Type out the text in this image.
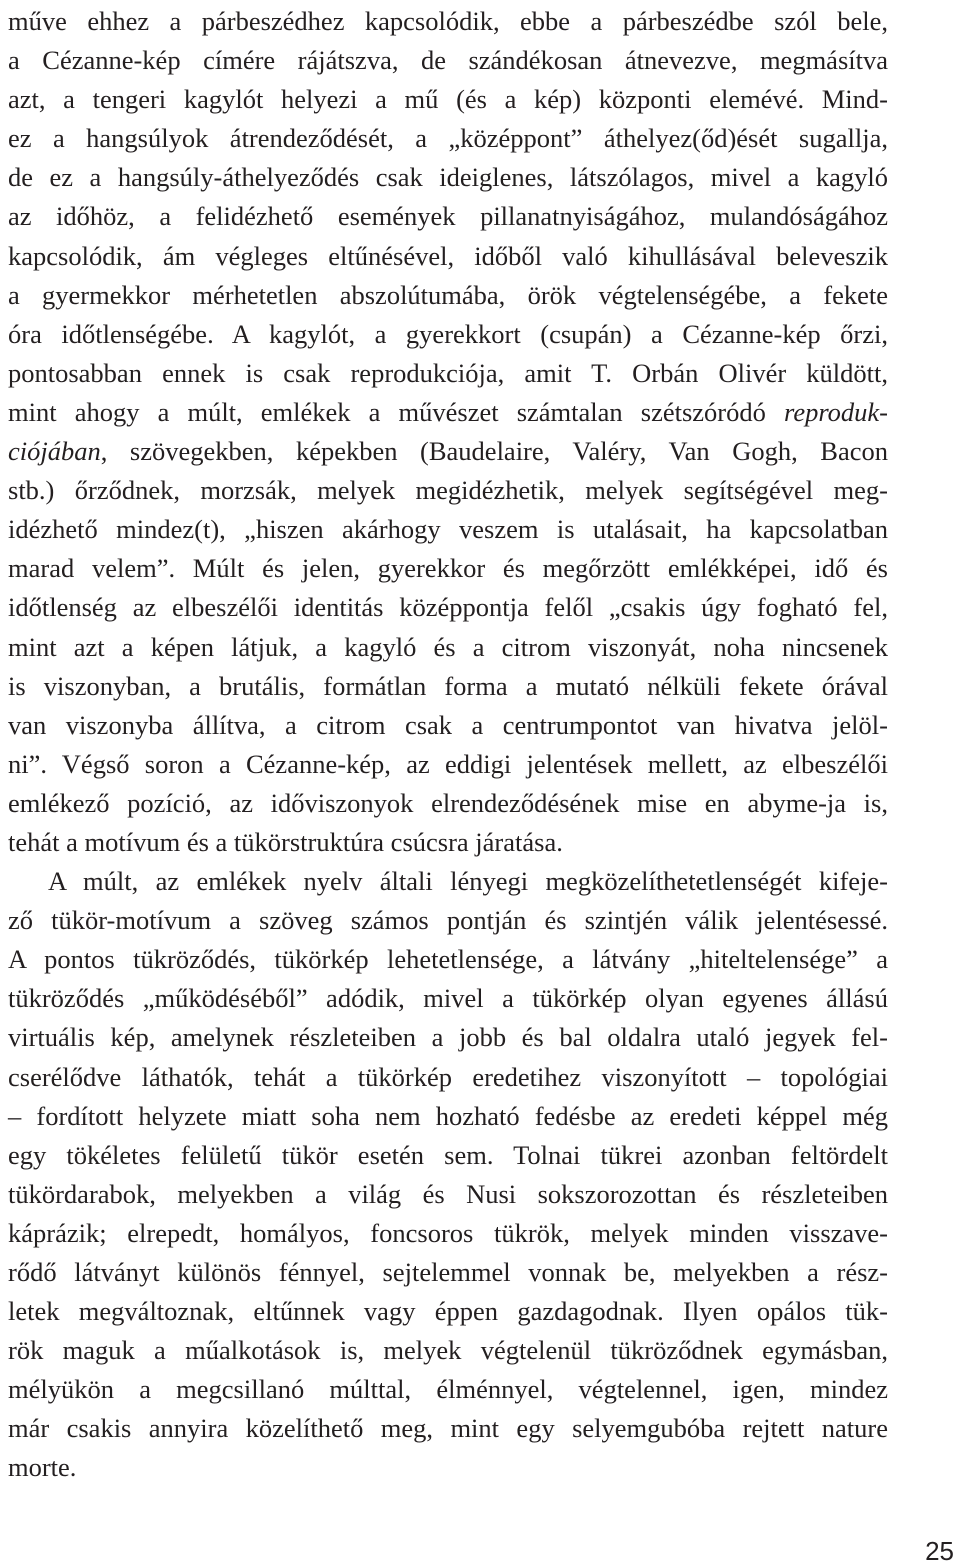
műve ehhez a párbeszédhez kapcsolódik, ebbe a párbeszédbe szól bele,
a Cézanne-kép címére rájátszva, de szándékosan átnevezve, megmásítva
azt, a tengeri kagylót helyezi a mű (és a kép) központi elemévé. Mind-
ez a hangsúlyok átrendeződését, a „középpont” áthelyez(őd)ését sugallja,
de ez a hangsúly-áthelyeződés csak ideiglenes, látszólagos, mivel a kagyló
az időhöz, a felidézhető események pillanatnyiságához, mulandóságához
kapcsolódik, ám végleges eltűnésével, időből való kihullásával beleveszik
a gyermekkor mérhetetlen abszolútumába, örök végtelenségébe, a fekete
óra időtlenségébe. A kagylót, a gyerekkort (csupán) a Cézanne-kép őrzi,
pontosabban ennek is csak reprodukciója, amit T. Orbán Olivér küldött,
mint ahogy a múlt, emlékek a művészet számtalan szétszóródó reproduk-
ciójában, szövegekben, képekben (Baudelaire, Valéry, Van Gogh, Bacon
stb.) őrződnek, morzsák, melyek megidézhetik, melyek segítségével meg-
idézhető mindez(t), „hiszen akárhogy veszem is utalásait, ha kapcsolatban
marad velem”. Múlt és jelen, gyerekkor és megőrzött emlékképei, idő és
időtlenség az elbeszélői identitás középpontja felől „csakis úgy fogható fel,
mint azt a képen látjuk, a kagyló és a citrom viszonyát, noha nincsenek
is viszonyban, a brutális, formátlan forma a mutató nélküli fekete órával
van viszonyba állítva, a citrom csak a centrumpontot van hivatva jelöl-
ni”. Végső soron a Cézanne-kép, az eddigi jelentések mellett, az elbeszélői
emlékező pozíció, az időviszonyok elrendeződésének mise en abyme-ja is,
tehát a motívum és a tükörstruktúra csúcsra járatása.
A múlt, az emlékek nyelv általi lényegi megközelíthetetlenségét kifeje-
ző tükör-motívum a szöveg számos pontján és szintjén válik jelentésessé.
A pontos tükröződés, tükörkép lehetetlensége, a látvány „hiteltelensége” a
tükröződés „működéséből” adódik, mivel a tükörkép olyan egyenes állású
virtuális kép, amelynek részleteiben a jobb és bal oldalra utaló jegyek fel-
cserélődve láthatók, tehát a tükörkép eredetihez viszonyított – topológiai
– fordított helyzete miatt soha nem hozható fedésbe az eredeti képpel még
egy tökéletes felületű tükör esetén sem. Tolnai tükrei azonban feltördelt
tükördarabok, melyekben a világ és Nusi sokszorozottan és részleteiben
káprázik; elrepedt, homályos, foncsoros tükrök, melyek minden visszave-
rődő látványt különös fénnyel, sejtelemmel vonnak be, melyekben a rész-
letek megváltoznak, eltűnnek vagy éppen gazdagodnak. Ilyen opálos tük-
rök maguk a műalkotások is, melyek végtelenül tükröződnek egymásban,
mélyükön a megcsillanó múlttal, élménnyel, végtelennel, igen, mindez
már csakis annyira közelíthető meg, mint egy selyemgubóba rejtett nature
morte.
25
